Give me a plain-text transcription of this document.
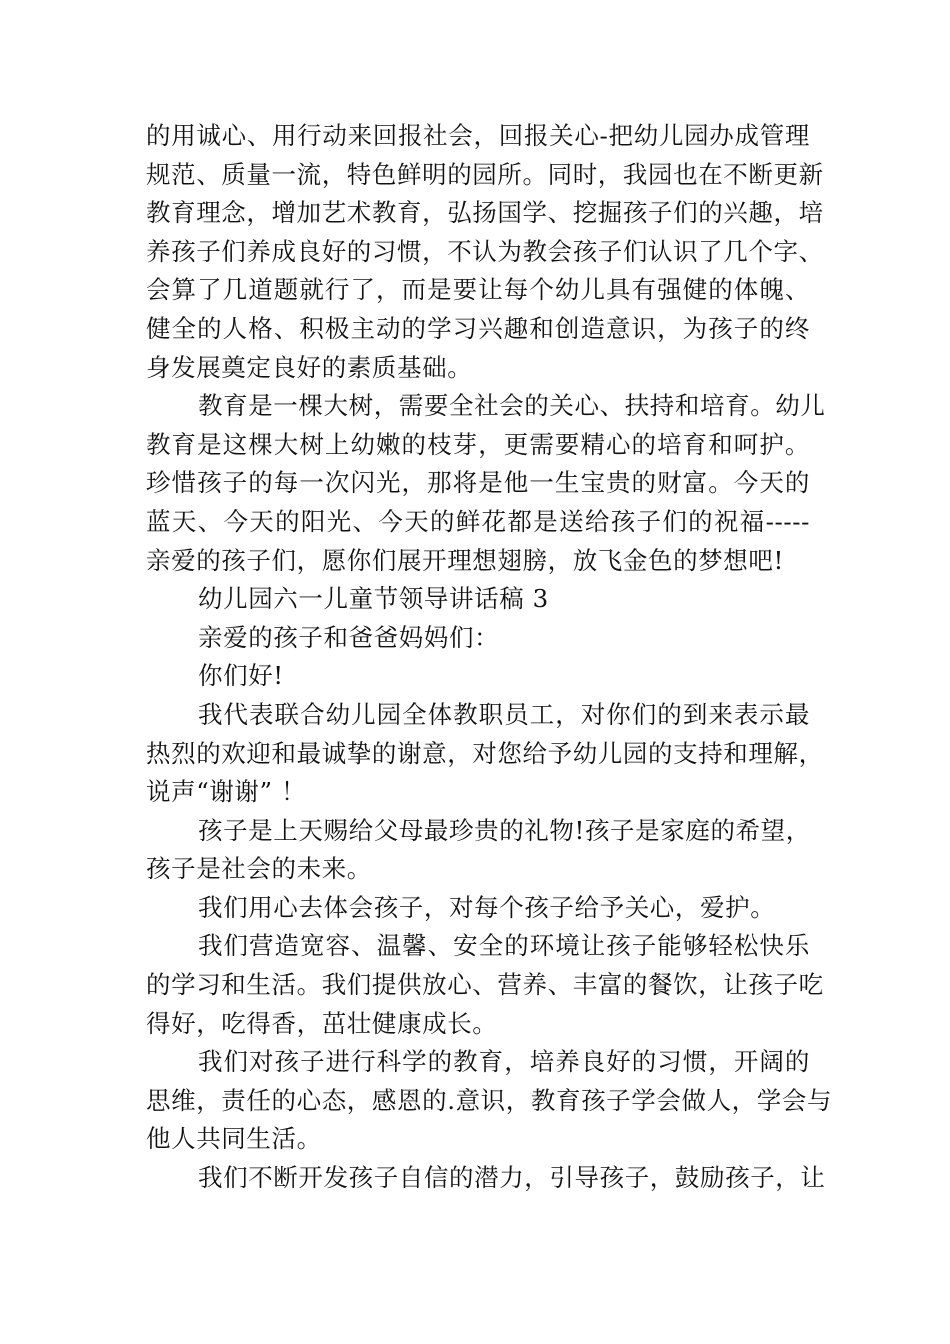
的用诚心、用行动来回报社会，回报关心-把幼儿园办成管理
规范、质量一流，特色鲜明的园所。同时，我园也在不断更新
教育理念，增加艺术教育，弘扬国学、挖掘孩子们的兴趣，培
养孩子们养成良好的习惯，不认为教会孩子们认识了几个字、
会算了几道题就行了，而是要让每个幼儿具有强健的体魄、
健全的人格、积极主动的学习兴趣和创造意识，为孩子的终
身发展奠定良好的素质基础。

教育是一棵大树，需要全社会的关心、扶持和培育。幼儿
教育是这棵大树上幼嫩的枝芽，更需要精心的培育和呵护。
珍惜孩子的每一次闪光，那将是他一生宝贵的财富。今天的
蓝天、今天的阳光、今天的鲜花都是送给孩子们的祝福-----
亲爱的孩子们，愿你们展开理想翅膀，放飞金色的梦想吧!

幼儿园六一儿童节领导讲话稿 3

亲爱的孩子和爸爸妈妈们：

你们好!

我代表联合幼儿园全体教职员工，对你们的到来表示最
热烈的欢迎和最诚挚的谢意，对您给予幼儿园的支持和理解，
说声“谢谢” ！

孩子是上天赐给父母最珍贵的礼物!孩子是家庭的希望，
孩子是社会的未来。

我们用心去体会孩子，对每个孩子给予关心，爱护。

我们营造宽容、温馨、安全的环境让孩子能够轻松快乐
的学习和生活。我们提供放心、营养、丰富的餐饮，让孩子吃
得好，吃得香，茁壮健康成长。

我们对孩子进行科学的教育，培养良好的习惯，开阔的
思维，责任的心态，感恩的.意识，教育孩子学会做人，学会与
他人共同生活。

我们不断开发孩子自信的潜力，引导孩子，鼓励孩子，让
